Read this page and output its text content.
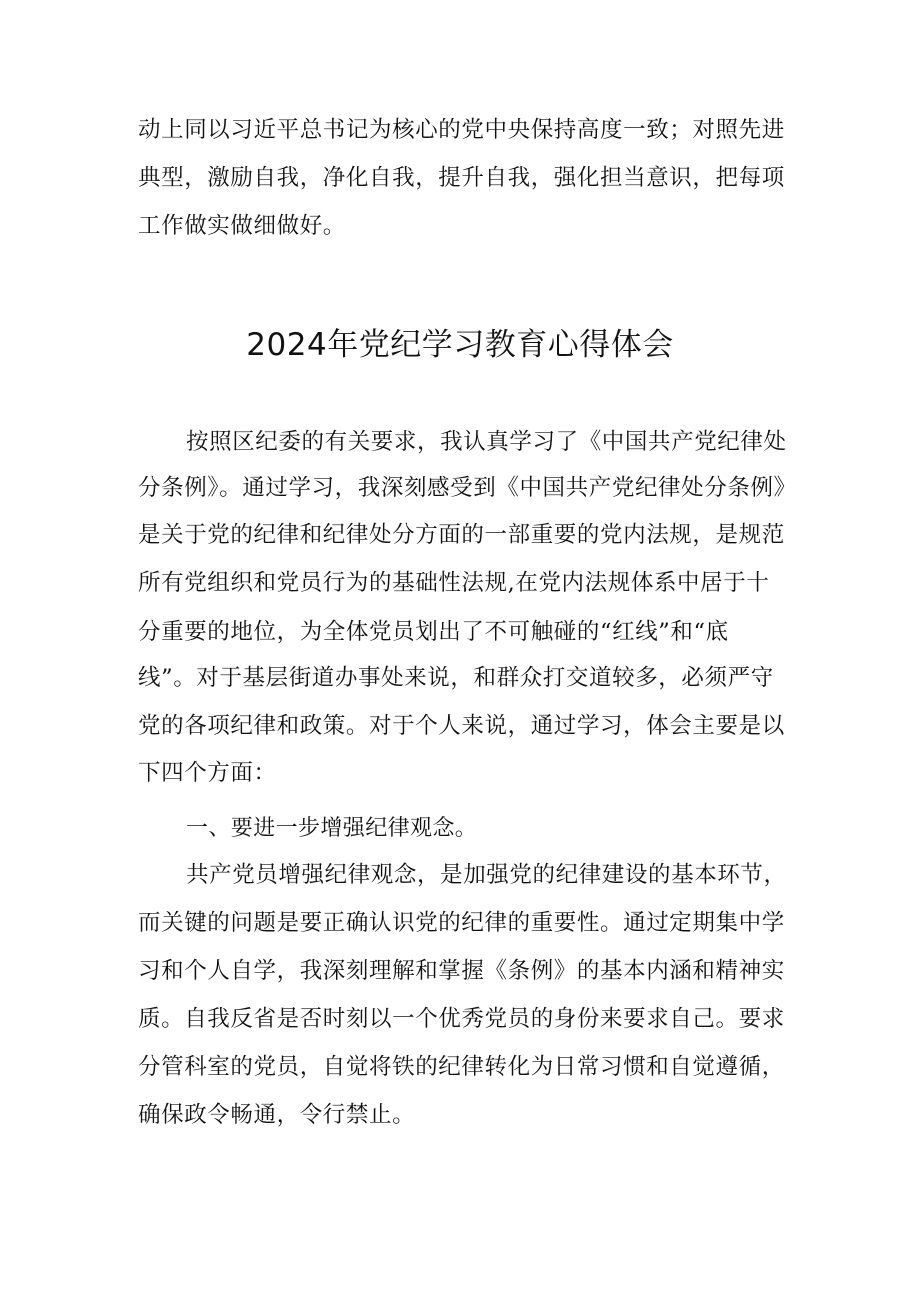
动上同以习近平总书记为核心的党中央保持高度一致；对照先进
典型，激励自我，净化自我，提升自我，强化担当意识，把每项
工作做实做细做好。
2024年党纪学习教育心得体会
按照区纪委的有关要求，我认真学习了《中国共产党纪律处
分条例》。通过学习，我深刻感受到《中国共产党纪律处分条例》
是关于党的纪律和纪律处分方面的一部重要的党内法规，是规范
所有党组织和党员行为的基础性法规,在党内法规体系中居于十
分重要的地位，为全体党员划出了不可触碰的“红线”和“底
线”。对于基层街道办事处来说，和群众打交道较多，必须严守
党的各项纪律和政策。对于个人来说，通过学习，体会主要是以
下四个方面：
一、要进一步增强纪律观念。
共产党员增强纪律观念，是加强党的纪律建设的基本环节，
而关键的问题是要正确认识党的纪律的重要性。通过定期集中学
习和个人自学，我深刻理解和掌握《条例》的基本内涵和精神实
质。自我反省是否时刻以一个优秀党员的身份来要求自己。要求
分管科室的党员，自觉将铁的纪律转化为日常习惯和自觉遵循，
确保政令畅通，令行禁止。
